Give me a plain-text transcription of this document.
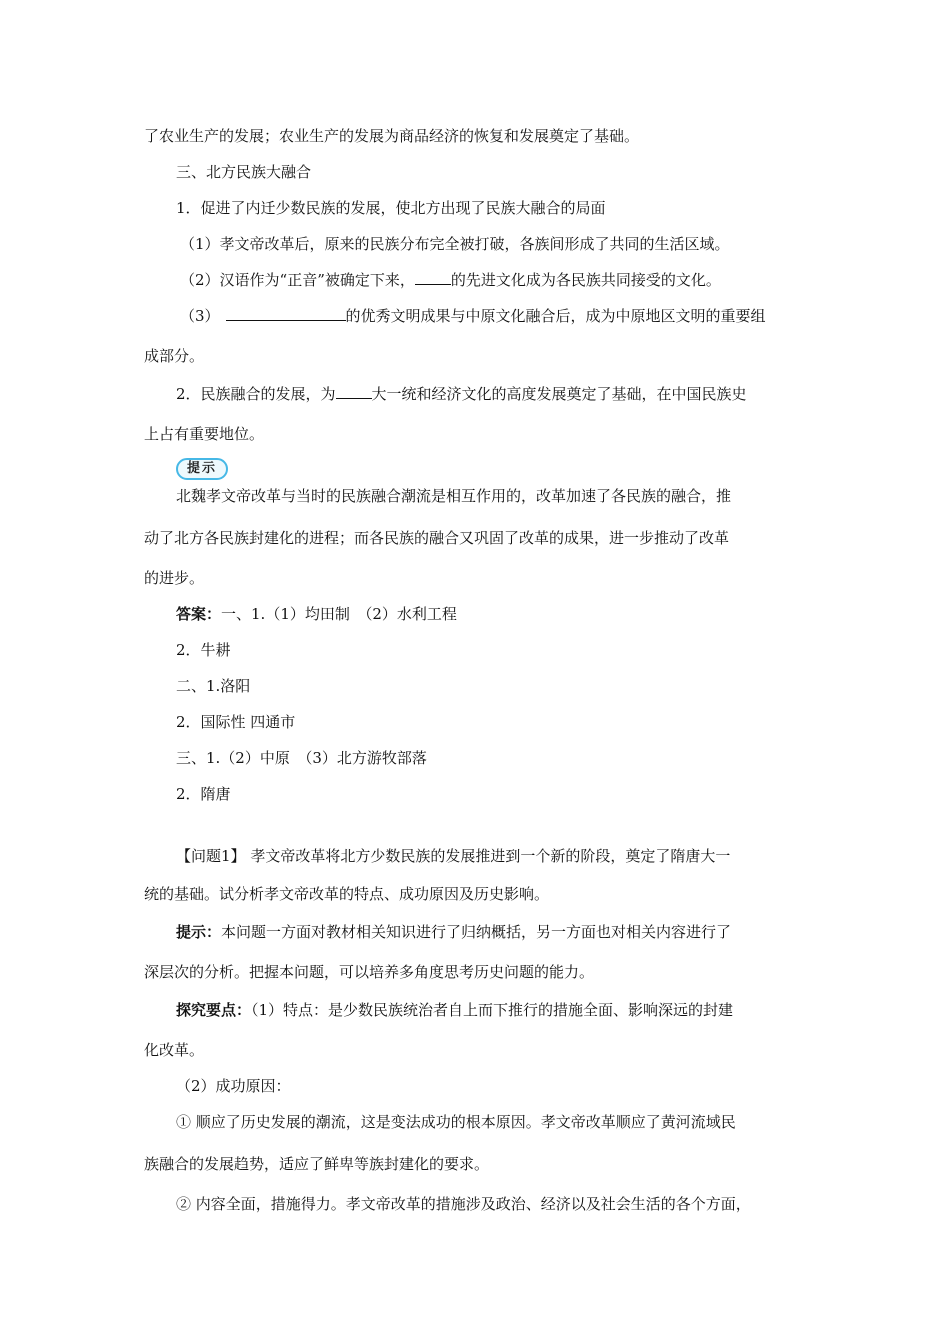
了农业生产的发展；农业生产的发展为商品经济的恢复和发展奠定了基础。
三、北方民族大融合
1．促进了内迁少数民族的发展，使北方出现了民族大融合的局面
（1）孝文帝改革后，原来的民族分布完全被打破，各族间形成了共同的生活区域。
（2）汉语作为“正音”被确定下来， 的先进文化成为各民族共同接受的文化。
（3）	的优秀文明成果与中原文化融合后，成为中原地区文明的重要组
成部分。
2．民族融合的发展，为 大一统和经济文化的高度发展奠定了基础，在中国民族史
上占有重要地位。
提示
北魏孝文帝改革与当时的民族融合潮流是相互作用的，改革加速了各民族的融合，推
动了北方各民族封建化的进程；而各民族的融合又巩固了改革的成果，进一步推动了改革
的进步。
答案：一、1.（1）均田制　（2）水利工程
2．牛耕
二、1.洛阳
2．国际性 四通市
三、1.（2）中原　（3）北方游牧部落
2．隋唐
【问题1】 孝文帝改革将北方少数民族的发展推进到一个新的阶段，奠定了隋唐大一
统的基础。试分析孝文帝改革的特点、成功原因及历史影响。
提示：本问题一方面对教材相关知识进行了归纳概括，另一方面也对相关内容进行了
深层次的分析。把握本问题，可以培养多角度思考历史问题的能力。
探究要点：（1）特点：是少数民族统治者自上而下推行的措施全面、影响深远的封建
化改革。
（2）成功原因：
① 顺应了历史发展的潮流，这是变法成功的根本原因。孝文帝改革顺应了黄河流域民
族融合的发展趋势，适应了鲜卑等族封建化的要求。
② 内容全面，措施得力。孝文帝改革的措施涉及政治、经济以及社会生活的各个方面，
